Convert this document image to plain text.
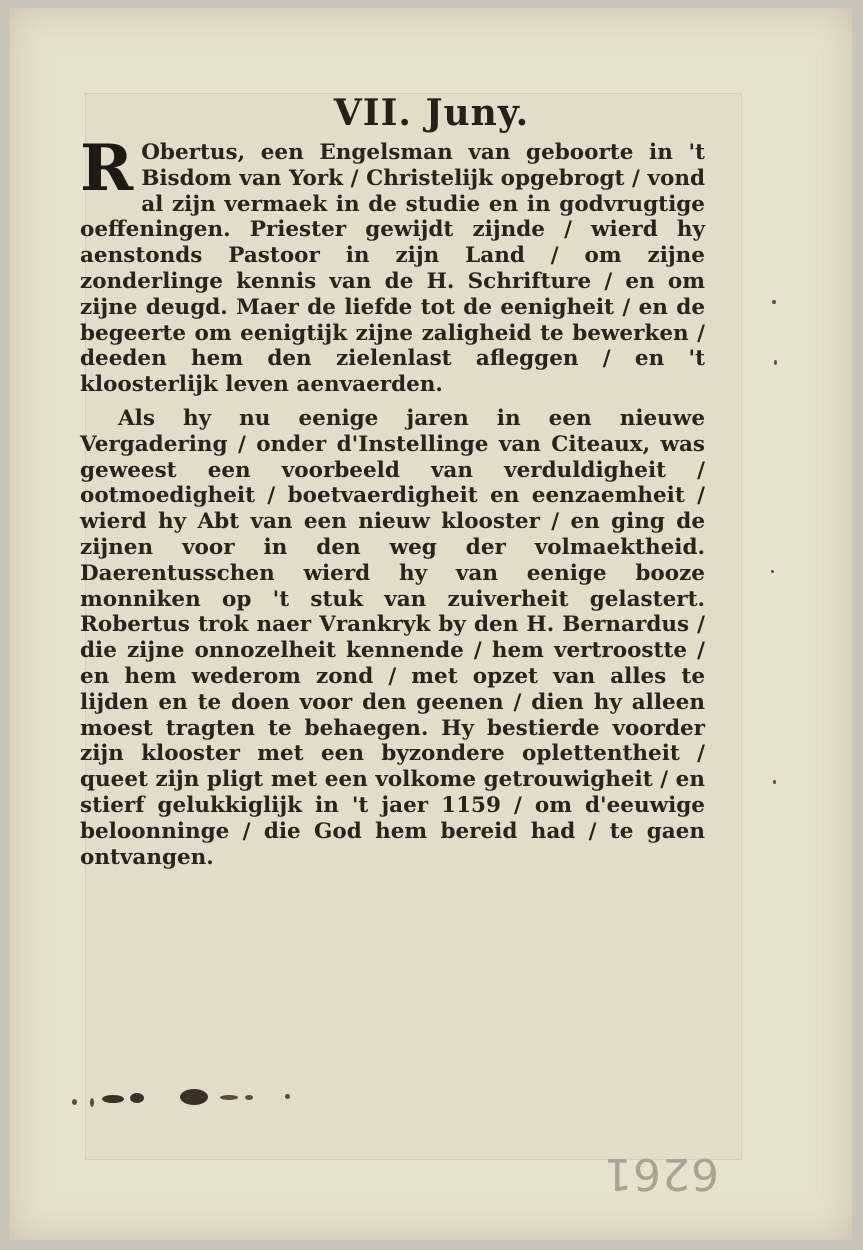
VII. Juny.

R Obertus, een Engelsman van geboorte in 't Bisdom van York / Christelijk opgebrogt / vond al zijn vermaek in de studie en in godvrugtige oeffeningen. Priester gewijdt zijnde / wierd hy aenstonds Pastoor in zijn Land / om zijne zonderlinge kennis van de H. Schrifture / en om zijne deugd. Maer de liefde tot de eenigheit / en de begeerte om eenigtijk zijne zaligheid te bewerken / deeden hem den zielenlast afleggen / en 't kloosterlijk leven aenvaerden.

Als hy nu eenige jaren in een nieuwe Vergadering / onder d'Instellinge van Citeaux, was geweest een voorbeeld van verduldigheit / ootmoedigheit / boetvaerdigheit en eenzaemheit / wierd hy Abt van een nieuw klooster / en ging de zijnen voor in den weg der volmaektheid. Daerentusschen wierd hy van eenige booze monniken op 't stuk van zuiverheit gelastert. Robertus trok naer Vrankryk by den H. Bernardus / die zijne onnozelheit kennende / hem vertroostte / en hem wederom zond / met opzet van alles te lijden en te doen voor den geenen / dien hy alleen moest tragten te behaegen. Hy bestierde voorder zijn klooster met een byzondere oplettentheit / queet zijn pligt met een volkome getrouwigheit / en stierf gelukkiglijk in 't jaer 1159 / om d'eeuwige beloonninge / die God hem bereid had / te gaen ontvangen.

6261
